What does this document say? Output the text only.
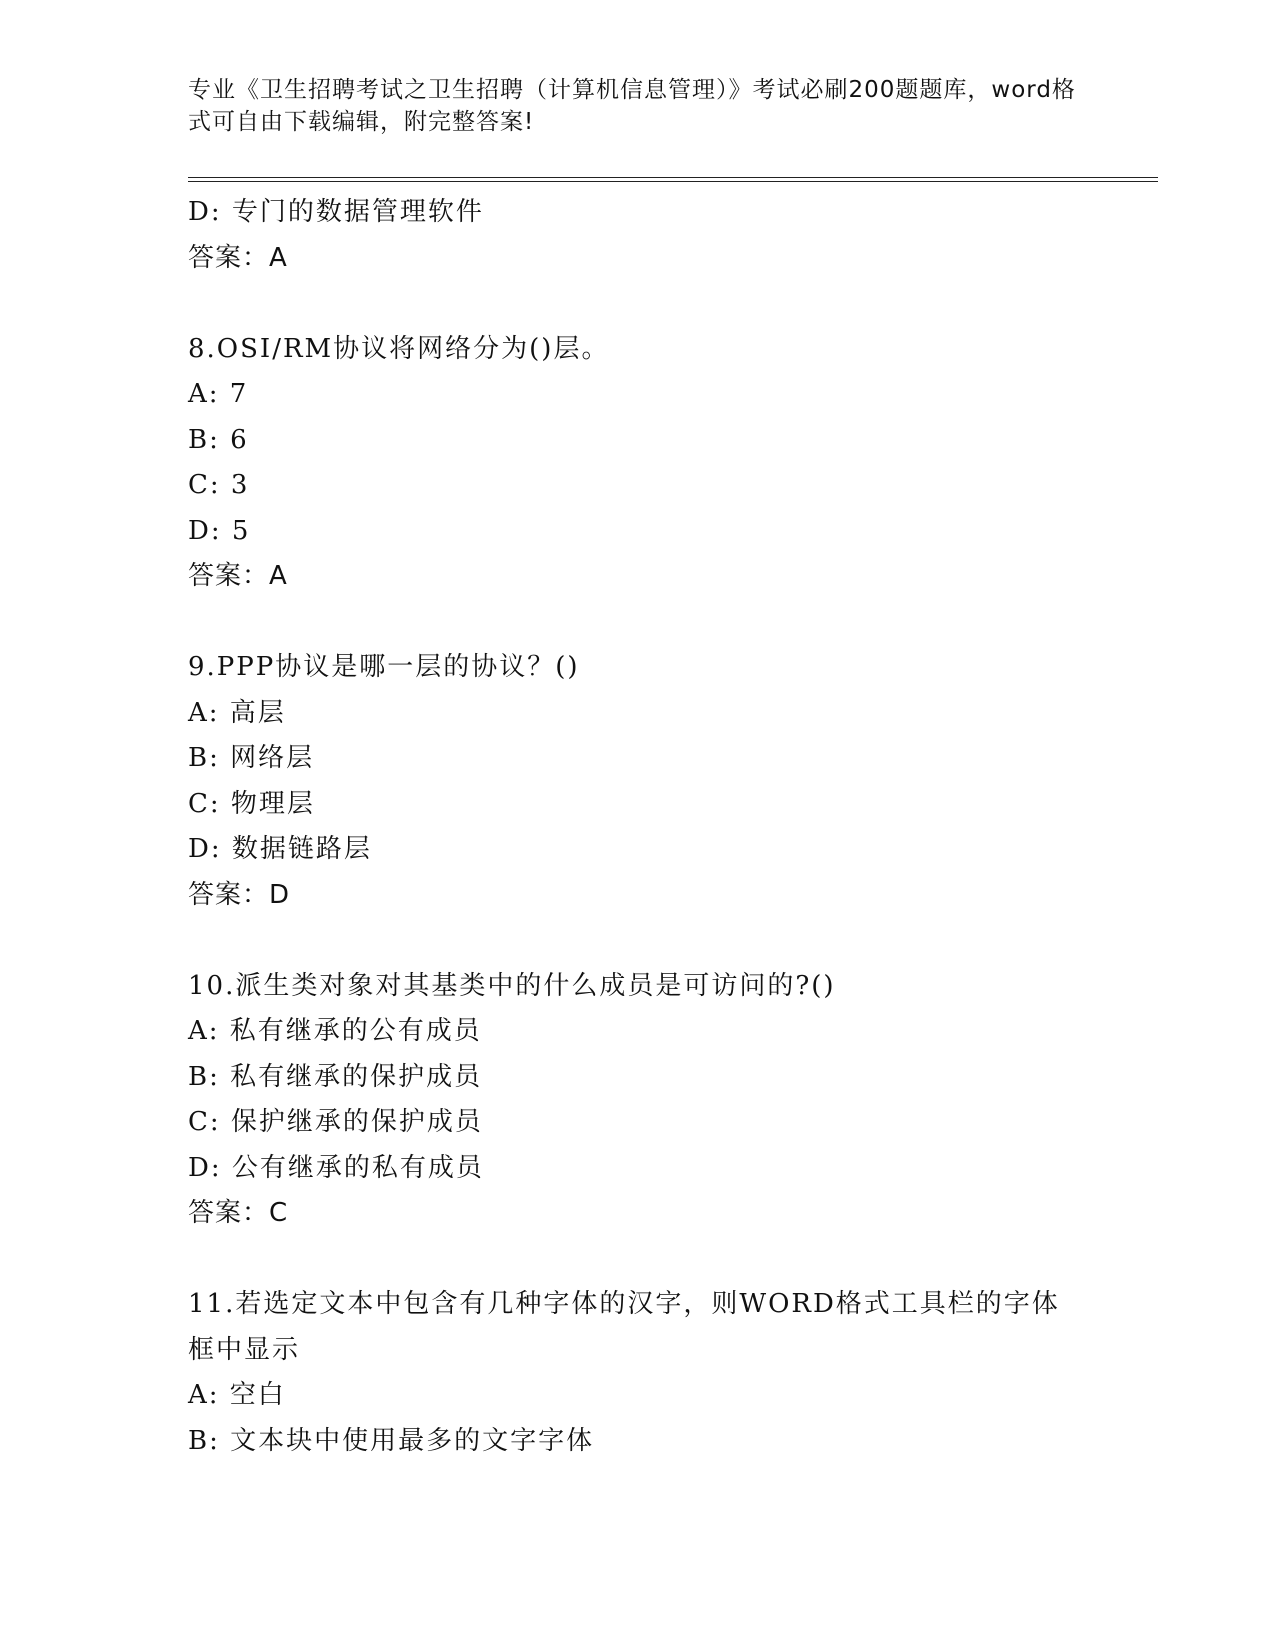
专业《卫生招聘考试之卫生招聘（计算机信息管理）》考试必刷200题题库，word格式可自由下载编辑，附完整答案!
D: 专门的数据管理软件
答案：A
8.OSI/RM协议将网络分为()层。
A: 7
B: 6
C: 3
D: 5
答案：A
9.PPP协议是哪一层的协议？()
A: 高层
B: 网络层
C: 物理层
D: 数据链路层
答案：D
10.派生类对象对其基类中的什么成员是可访问的?()
A: 私有继承的公有成员
B: 私有继承的保护成员
C: 保护继承的保护成员
D: 公有继承的私有成员
答案：C
11.若选定文本中包含有几种字体的汉字，则WORD格式工具栏的字体框中显示
A: 空白
B: 文本块中使用最多的文字字体
